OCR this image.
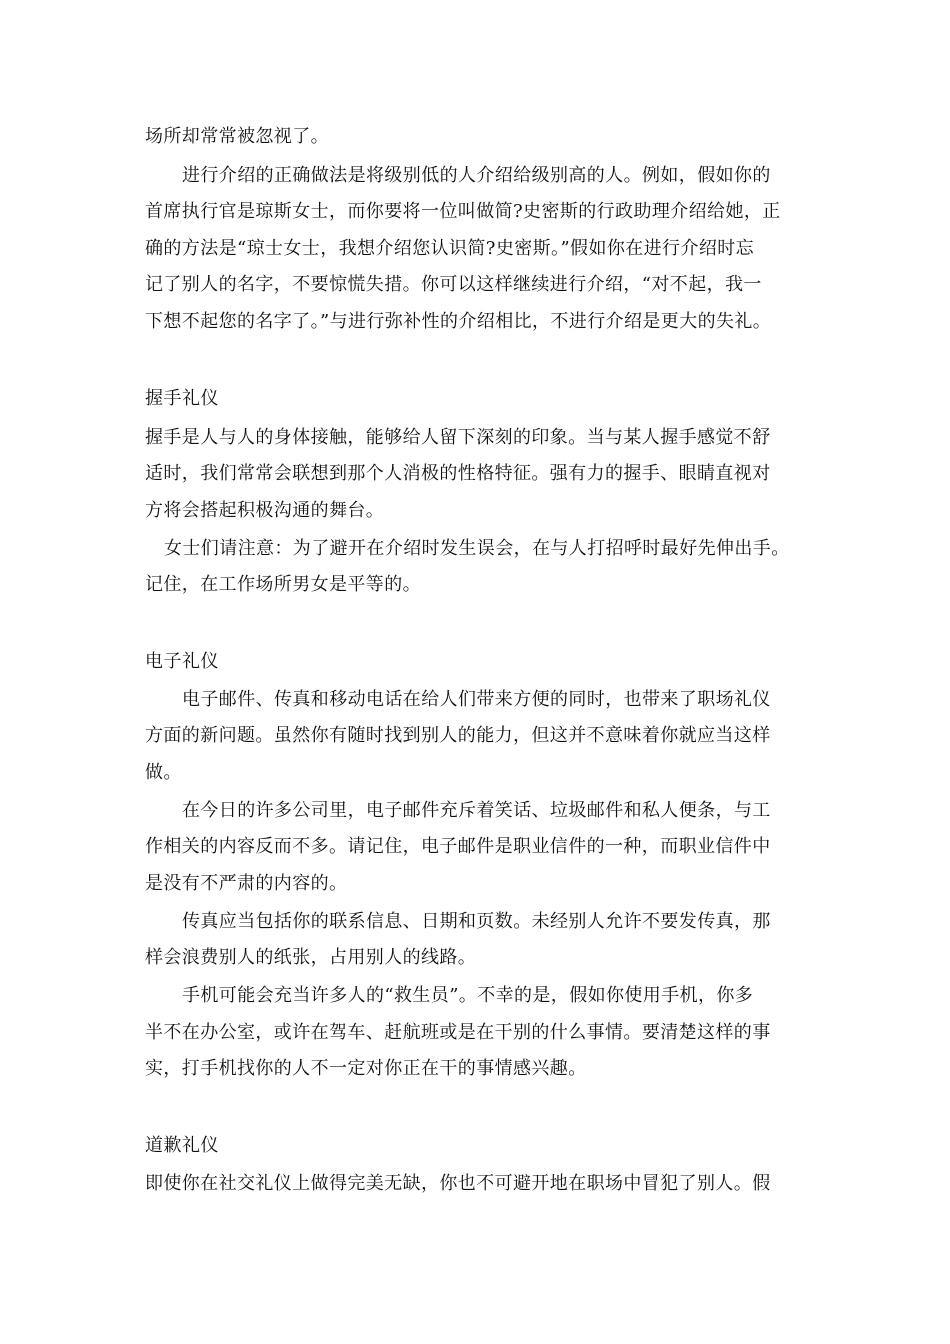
场所却常常被忽视了。
进行介绍的正确做法是将级别低的人介绍给级别高的人。例如，假如你的
首席执行官是琼斯女士，而你要将一位叫做简?史密斯的行政助理介绍给她，正
确的方法是“琼士女士，我想介绍您认识简?史密斯。”假如你在进行介绍时忘
记了别人的名字，不要惊慌失措。你可以这样继续进行介绍，“对不起，我一
下想不起您的名字了。”与进行弥补性的介绍相比，不进行介绍是更大的失礼。
握手礼仪
握手是人与人的身体接触，能够给人留下深刻的印象。当与某人握手感觉不舒
适时，我们常常会联想到那个人消极的性格特征。强有力的握手、眼睛直视对
方将会搭起积极沟通的舞台。
女士们请注意：为了避开在介绍时发生误会，在与人打招呼时最好先伸出手。
记住，在工作场所男女是平等的。
电子礼仪
电子邮件、传真和移动电话在给人们带来方便的同时，也带来了职场礼仪
方面的新问题。虽然你有随时找到别人的能力，但这并不意味着你就应当这样
做。
在今日的许多公司里，电子邮件充斥着笑话、垃圾邮件和私人便条，与工
作相关的内容反而不多。请记住，电子邮件是职业信件的一种，而职业信件中
是没有不严肃的内容的。
传真应当包括你的联系信息、日期和页数。未经别人允许不要发传真，那
样会浪费别人的纸张，占用别人的线路。
手机可能会充当许多人的“救生员”。不幸的是，假如你使用手机，你多
半不在办公室，或许在驾车、赶航班或是在干别的什么事情。要清楚这样的事
实，打手机找你的人不一定对你正在干的事情感兴趣。
道歉礼仪
即使你在社交礼仪上做得完美无缺，你也不可避开地在职场中冒犯了别人。假
